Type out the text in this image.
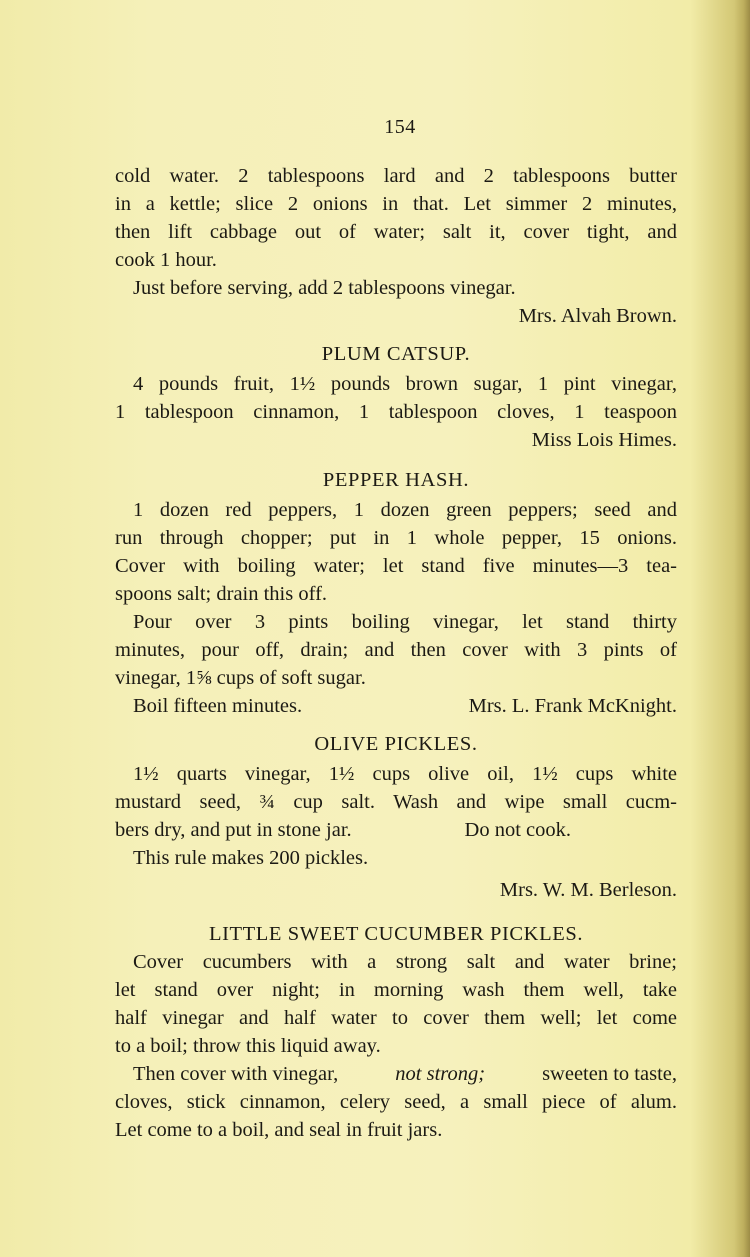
154
cold water. 2 tablespoons lard and 2 tablespoons butter
in a kettle; slice 2 onions in that. Let simmer 2 minutes,
then lift cabbage out of water; salt it, cover tight, and
cook 1 hour.
Just before serving, add 2 tablespoons vinegar.
Mrs. Alvah Brown.
PLUM CATSUP.
4 pounds fruit, 1½ pounds brown sugar, 1 pint vinegar,
1 tablespoon cinnamon, 1 tablespoon cloves, 1 teaspoon
Miss Lois Himes.
PEPPER HASH.
1 dozen red peppers, 1 dozen green peppers; seed and
run through chopper; put in 1 whole pepper, 15 onions.
Cover with boiling water; let stand five minutes—3 tea-
spoons salt; drain this off.
Pour over 3 pints boiling vinegar, let stand thirty
minutes, pour off, drain; and then cover with 3 pints of
vinegar, 1⅝ cups of soft sugar.
Boil fifteen minutes.	Mrs. L. Frank McKnight.
OLIVE PICKLES.
1½ quarts vinegar, 1½ cups olive oil, 1½ cups white
mustard seed, ¾ cup salt. Wash and wipe small cucm-
bers dry, and put in stone jar.	Do not cook.
This rule makes 200 pickles.
Mrs. W. M. Berleson.
LITTLE SWEET CUCUMBER PICKLES.
Cover cucumbers with a strong salt and water brine;
let stand over night; in morning wash them well, take
half vinegar and half water to cover them well; let come
to a boil; throw this liquid away.
Then cover with vinegar,	not strong;	sweeten to taste,
cloves, stick cinnamon, celery seed, a small piece of alum.
Let come to a boil, and seal in fruit jars.
